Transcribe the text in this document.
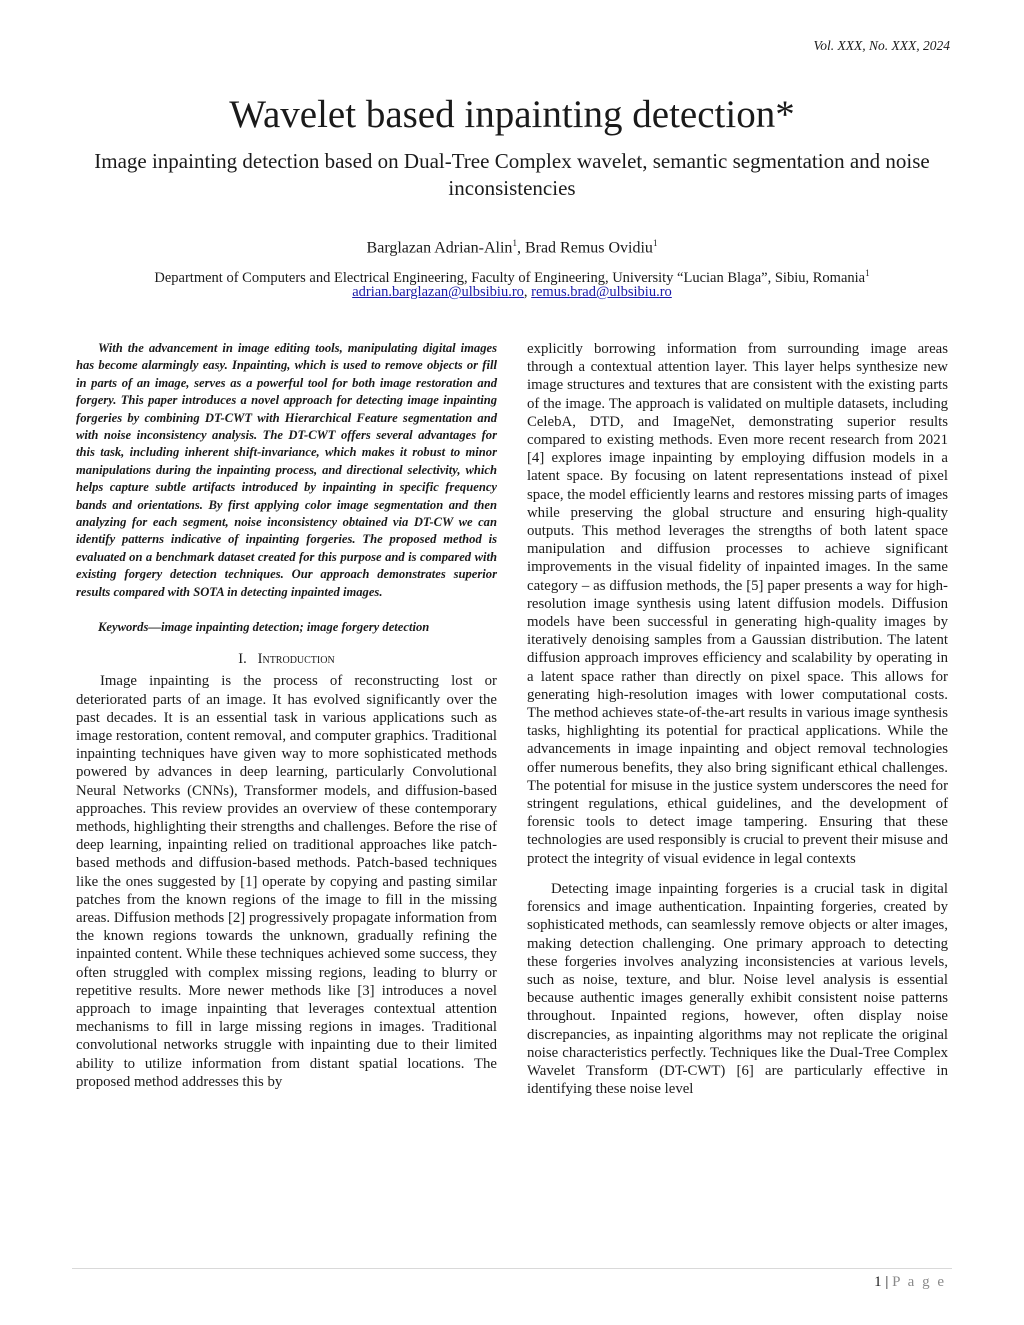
Vol. XXX, No. XXX, 2024
Wavelet based inpainting detection*
Image inpainting detection based on Dual-Tree Complex wavelet, semantic segmentation and noise inconsistencies
Barglazan Adrian-Alin$^1$, Brad Remus Ovidiu$^1$
Department of Computers and Electrical Engineering, Faculty of Engineering, University “Lucian Blaga”, Sibiu, Romania$^1$
adrian.barglazan@ulbsibiu.ro, remus.brad@ulbsibiu.ro

With the advancement in image editing tools, manipulating digital images has become alarmingly easy. Inpainting, which is used to remove objects or fill in parts of an image, serves as a powerful tool for both image restoration and forgery. This paper introduces a novel approach for detecting image inpainting forgeries by combining DT-CWT with Hierarchical Feature segmentation and with noise inconsistency analysis. The DT-CWT offers several advantages for this task, including inherent shift-invariance, which makes it robust to minor manipulations during the inpainting process, and directional selectivity, which helps capture subtle artifacts introduced by inpainting in specific frequency bands and orientations. By first applying color image segmentation and then analyzing for each segment, noise inconsistency obtained via DT-CW we can identify patterns indicative of inpainting forgeries. The proposed method is evaluated on a benchmark dataset created for this purpose and is compared with existing forgery detection techniques. Our approach demonstrates superior results compared with SOTA in detecting inpainted images.

Keywords—image inpainting detection; image forgery detection

I. Introduction

Image inpainting is the process of reconstructing lost or deteriorated parts of an image. It has evolved significantly over the past decades. It is an essential task in various applications such as image restoration, content removal, and computer graphics. Traditional inpainting techniques have given way to more sophisticated methods powered by advances in deep learning, particularly Convolutional Neural Networks (CNNs), Transformer models, and diffusion-based approaches. This review provides an overview of these contemporary methods, highlighting their strengths and challenges. Before the rise of deep learning, inpainting relied on traditional approaches like patch-based methods and diffusion-based methods. Patch-based techniques like the ones suggested by [1] operate by copying and pasting similar patches from the known regions of the image to fill in the missing areas. Diffusion methods [2] progressively propagate information from the known regions towards the unknown, gradually refining the inpainted content. While these techniques achieved some success, they often struggled with complex missing regions, leading to blurry or repetitive results. More newer methods like [3] introduces a novel approach to image inpainting that leverages contextual attention mechanisms to fill in large missing regions in images. Traditional convolutional networks struggle with inpainting due to their limited ability to utilize information from distant spatial locations. The proposed method addresses this by

explicitly borrowing information from surrounding image areas through a contextual attention layer. This layer helps synthesize new image structures and textures that are consistent with the existing parts of the image. The approach is validated on multiple datasets, including CelebA, DTD, and ImageNet, demonstrating superior results compared to existing methods. Even more recent research from 2021 [4] explores image inpainting by employing diffusion models in a latent space. By focusing on latent representations instead of pixel space, the model efficiently learns and restores missing parts of images while preserving the global structure and ensuring high-quality outputs. This method leverages the strengths of both latent space manipulation and diffusion processes to achieve significant improvements in the visual fidelity of inpainted images. In the same category – as diffusion methods, the [5] paper presents a way for high-resolution image synthesis using latent diffusion models. Diffusion models have been successful in generating high-quality images by iteratively denoising samples from a Gaussian distribution. The latent diffusion approach improves efficiency and scalability by operating in a latent space rather than directly on pixel space. This allows for generating high-resolution images with lower computational costs. The method achieves state-of-the-art results in various image synthesis tasks, highlighting its potential for practical applications. While the advancements in image inpainting and object removal technologies offer numerous benefits, they also bring significant ethical challenges. The potential for misuse in the justice system underscores the need for stringent regulations, ethical guidelines, and the development of forensic tools to detect image tampering. Ensuring that these technologies are used responsibly is crucial to prevent their misuse and protect the integrity of visual evidence in legal contexts

Detecting image inpainting forgeries is a crucial task in digital forensics and image authentication. Inpainting forgeries, created by sophisticated methods, can seamlessly remove objects or alter images, making detection challenging. One primary approach to detecting these forgeries involves analyzing inconsistencies at various levels, such as noise, texture, and blur. Noise level analysis is essential because authentic images generally exhibit consistent noise patterns throughout. Inpainted regions, however, often display noise discrepancies, as inpainting algorithms may not replicate the original noise characteristics perfectly. Techniques like the Dual-Tree Complex Wavelet Transform (DT-CWT) [6] are particularly effective in identifying these noise level

1 | P a g e
